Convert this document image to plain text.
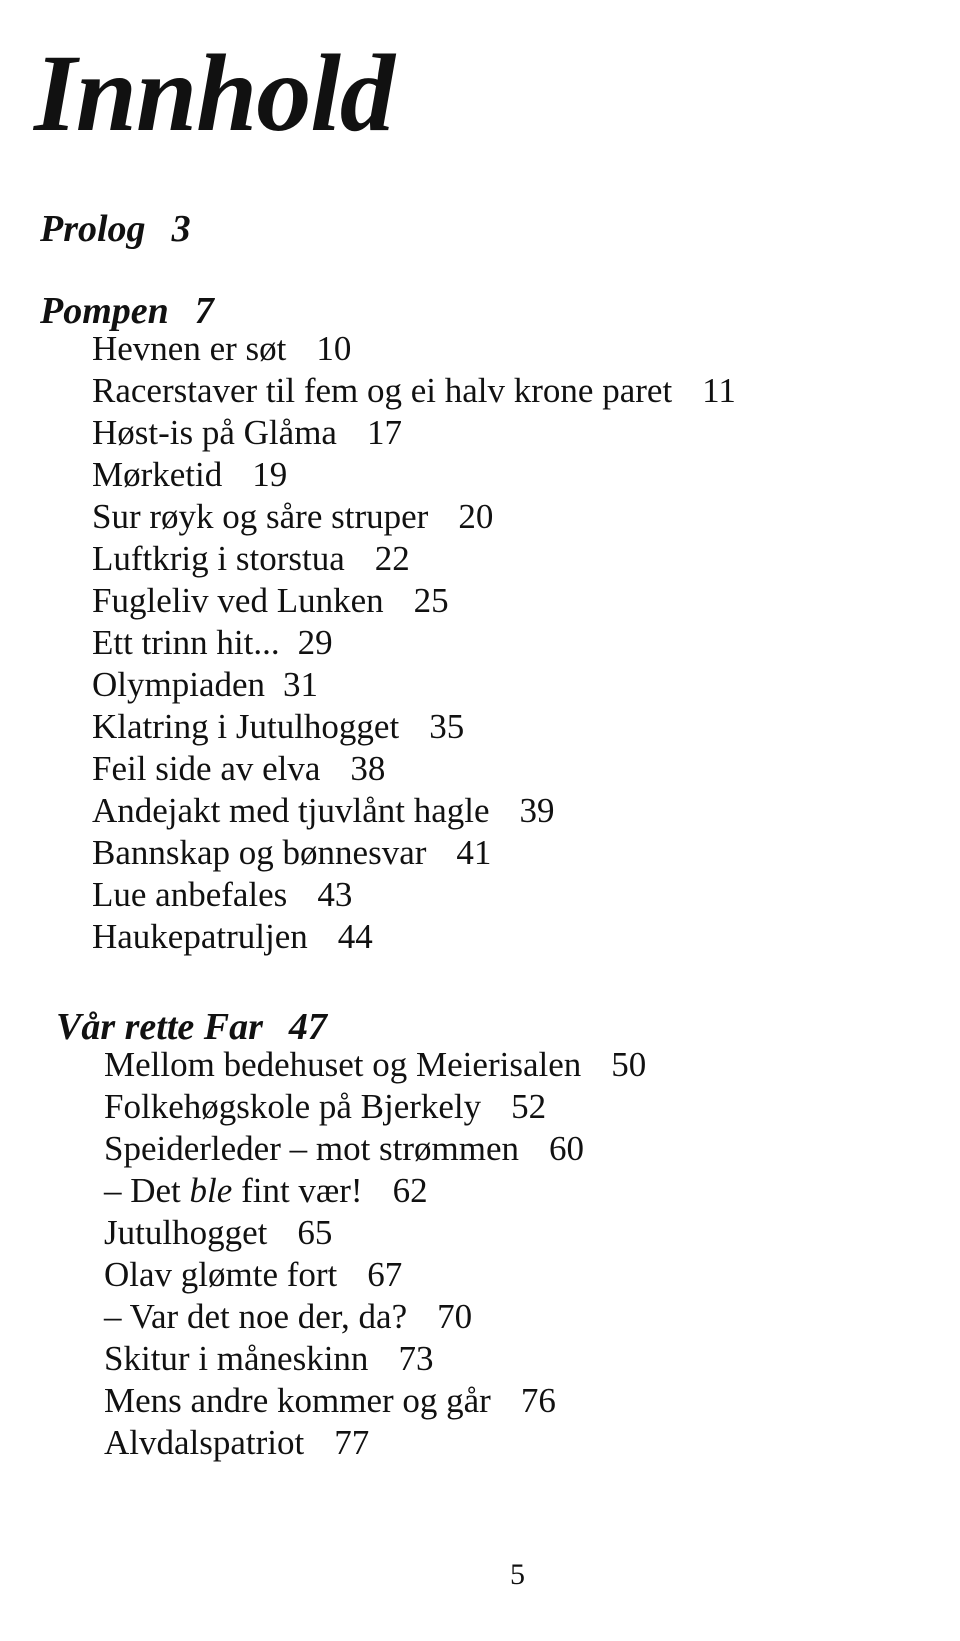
Innhold
Prolog 3
Pompen 7
Hevnen er søt 10
Racerstaver til fem og ei halv krone paret 11
Høst-is på Glåma 17
Mørketid 19
Sur røyk og såre struper 20
Luftkrig i storstua 22
Fugleliv ved Lunken 25
Ett trinn hit... 29
Olympiaden 31
Klatring i Jutulhogget 35
Feil side av elva 38
Andejakt med tjuvlånt hagle 39
Bannskap og bønnesvar 41
Lue anbefales 43
Haukepatruljen 44
Vår rette Far 47
Mellom bedehuset og Meierisalen 50
Folkehøgskole på Bjerkely 52
Speiderleder – mot strømmen 60
– Det ble fint vær! 62
Jutulhogget 65
Olav glømte fort 67
– Var det noe der, da? 70
Skitur i måneskinn 73
Mens andre kommer og går 76
Alvdalspatriot 77
5
